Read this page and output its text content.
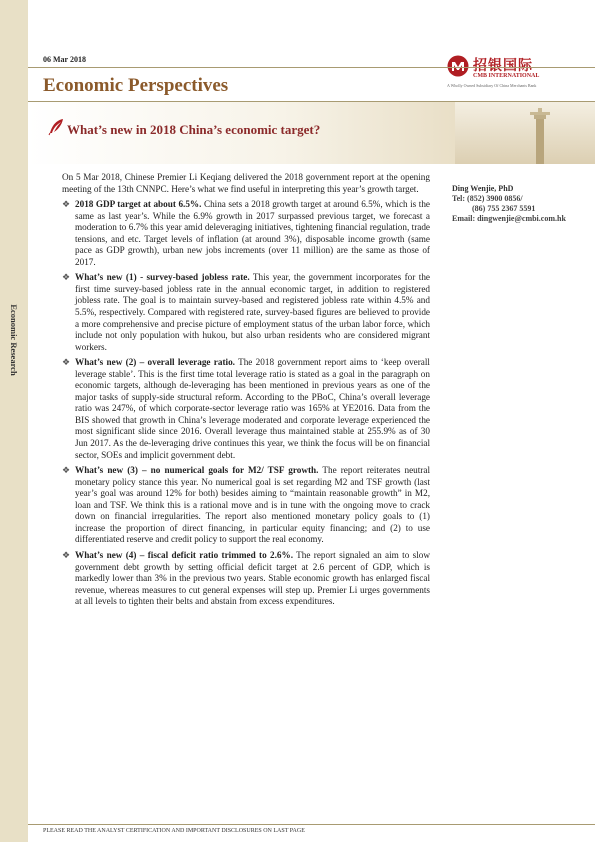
Economic Research
06 Mar 2018	招银国际
CMB INTERNATIONAL
A Wholly Owned Subsidiary Of China Merchants Bank
Economic Perspectives
What’s new in 2018 China’s economic target?

On 5 Mar 2018, Chinese Premier Li Keqiang delivered the 2018 government report at the opening meeting of the 13th CNNPC. Here’s what we find useful in interpreting this year’s growth target.

❖ 2018 GDP target at about 6.5%. China sets a 2018 growth target at around 6.5%, which is the same as last year’s. While the 6.9% growth in 2017 surpassed previous target, we forecast a moderation to 6.7% this year amid deleveraging initiatives, tightening financial regulation, trade tensions, and etc. Target levels of inflation (at around 3%), disposable income growth (same pace as GDP growth), urban new jobs increments (over 11 million) are the same as those of 2017.
❖ What’s new (1) - survey-based jobless rate. This year, the government incorporates for the first time survey-based jobless rate in the annual economic target, in addition to registered jobless rate. The goal is to maintain survey-based and registered jobless rate within 4.5% and 5.5%, respectively. Compared with registered rate, survey-based figures are believed to provide a more comprehensive and precise picture of employment status of the urban labor force, which include not only population with hukou, but also urban residents who are considered migrant workers.
❖ What’s new (2) – overall leverage ratio. The 2018 government report aims to ‘keep overall leverage stable’. This is the first time total leverage ratio is stated as a goal in the paragraph on economic targets, although de-leveraging has been mentioned in previous years as one of the major tasks of supply-side structural reform. According to the PBoC, China’s overall leverage ratio was 247%, of which corporate-sector leverage ratio was 165% at YE2016. Data from the BIS showed that growth in China’s leverage moderated and corporate leverage experienced the most significant slide since 2016. Overall leverage thus maintained stable at 255.9% as of 30 Jun 2017. As the de-leveraging drive continues this year, we think the focus will be on financial sector, SOEs and implicit government debt.
❖ What’s new (3) – no numerical goals for M2/ TSF growth. The report reiterates neutral monetary policy stance this year. No numerical goal is set regarding M2 and TSF growth (last year’s goal was around 12% for both) besides aiming to “maintain reasonable growth” in M2, loan and TSF. We think this is a rational move and is in tune with the ongoing move to crack down on financial irregularities. The report also mentioned monetary policy goals to (1) increase the proportion of direct financing, in particular equity financing; and (2) to use differentiated reserve and credit policy to support the real economy.
❖ What’s new (4) – fiscal deficit ratio trimmed to 2.6%. The report signaled an aim to slow government debt growth by setting official deficit target at 2.6 percent of GDP, which is markedly lower than 3% in the previous two years. Stable economic growth has enlarged fiscal revenue, whereas measures to cut general expenses will step up. Premier Li urges governments at all levels to tighten their belts and abstain from excess expenditures.
Ding Wenjie, PhD
Tel: (852) 3900 0856/
(86) 755 2367 5591
Email: dingwenjie@cmbi.com.hk
PLEASE READ THE ANALYST CERTIFICATION AND IMPORTANT DISCLOSURES ON LAST PAGE
